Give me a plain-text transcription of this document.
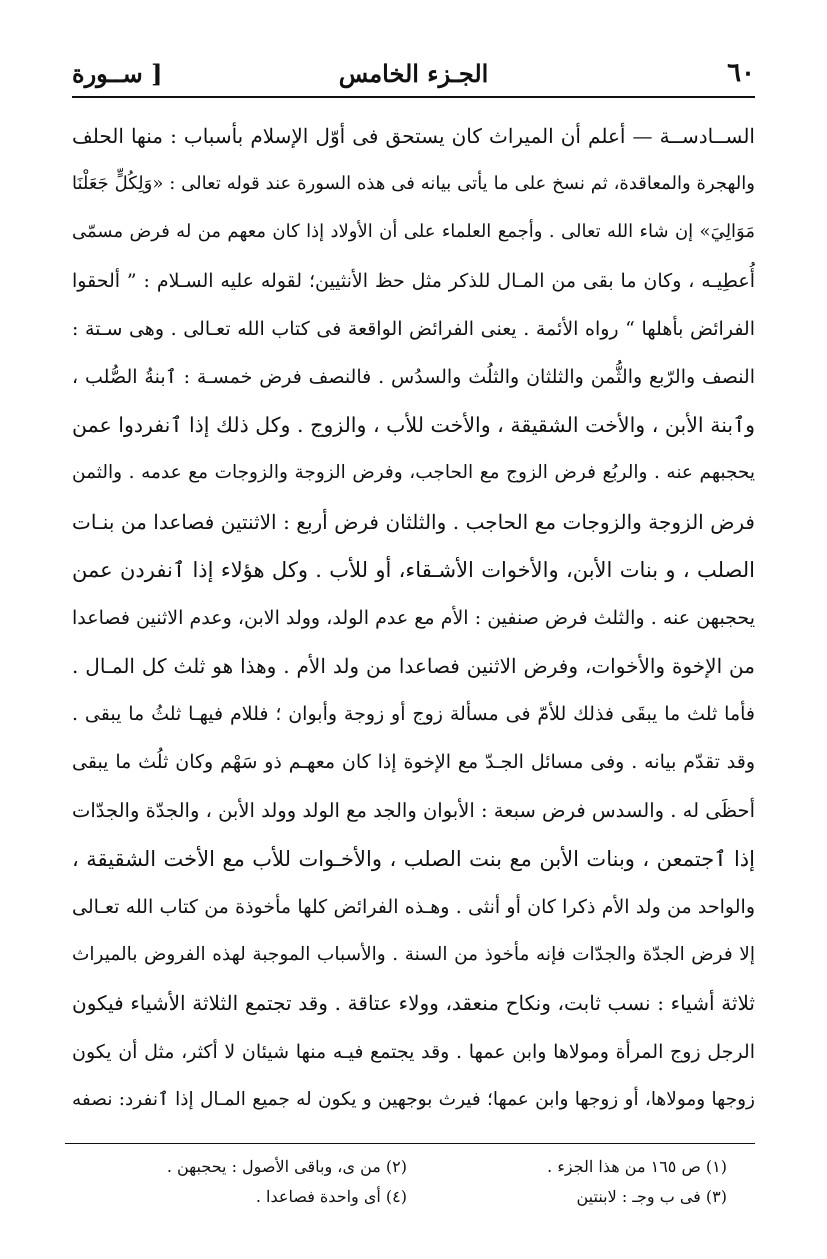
٦٠
الجـزء الخامس
[ ســورة
الســادســة — أعلم أن الميراث كان يستحق فى أوّل الإسلام بأسباب : منها الحلف
والهجرة والمعاقدة، ثم نسخ على ما يأتى بيانه فى هذه السورة عند قوله تعالى : «وَلِكُلٍّ جَعَلْنَا
مَوَالِيَ» إن شاء الله تعالى . وأجمع العلماء على أن الأولاد إذا كان معهم من له فرض مسمّى
أُعطِيـه ، وكان ما بقى من المـال للذكر مثل حظ الأنثيين؛ لقوله عليه السـلام : ” ألحقوا
الفرائض بأهلها “ رواه الأئمة . يعنى الفرائض الواقعة فى كتاب الله تعـالى . وهى سـتة :
النصف والرّبع والثُّمن والثلثان والثلُث والسدُس . فالنصف فرض خمسـة : ٱبنةُ الصُّلب ،
وٱبنة الأبن ، والأخت الشقيقة ، والأخت للأب ، والزوج . وكل ذلك إذا ٱنفردوا عمن
يحجبهم عنه . والربُع فرض الزوج مع الحاجب، وفرض الزوجة والزوجات مع عدمه . والثمن
فرض الزوجة والزوجات مع الحاجب . والثلثان فرض أربع : الاثنتين فصاعدا من بنـات
الصلب ، و بنات الأبن، والأخوات الأشـقاء، أو للأب . وكل هؤلاء إذا ٱنفردن عمن
يحجبهن عنه . والثلث فرض صنفين : الأم مع عدم الولد، وولد الابن، وعدم الاثنين فصاعدا
من الإخوة والأخوات، وفرض الاثنين فصاعدا من ولد الأم . وهذا هو ثلث كل المـال .
فأما ثلث ما يبقَى فذلك للأمّ فى مسألة زوج أو زوجة وأبوان ؛ فللام فيهـا ثلثُ ما يبقى .
وقد تقدّم بيانه . وفى مسائل الجـدّ مع الإخوة إذا كان معهـم ذو سَهْم وكان ثلُث ما يبقى
أحظَى له . والسدس فرض سبعة : الأبوان والجد مع الولد وولد الأبن ، والجدّة والجدّات
إذا ٱجتمعن ، وبنات الأبن مع بنت الصلب ، والأخـوات للأب مع الأخت الشقيقة ،
والواحد من ولد الأم ذكرا كان أو أنثى . وهـذه الفرائض كلها مأخوذة من كتاب الله تعـالى
إلا فرض الجدّة والجدّات فإنه مأخوذ من السنة . والأسباب الموجبة لهذه الفروض بالميراث
ثلاثة أشياء : نسب ثابت، ونكاح منعقد، وولاء عتاقة . وقد تجتمع الثلاثة الأشياء فيكون
الرجل زوج المرأة ومولاها وابن عمها . وقد يجتمع فيـه منها شيئان لا أكثر، مثل أن يكون
زوجها ومولاها، أو زوجها وابن عمها؛ فيرث بوجهين و يكون له جميع المـال إذا ٱنفرد: نصفه
(١) ص ١٦٥ من هذا الجزء .
(٢) من ى، وباقى الأصول : يحجبهن .
(٣) فى ب وجـ : لابنتين
(٤) أى واحدة فصاعدا .
